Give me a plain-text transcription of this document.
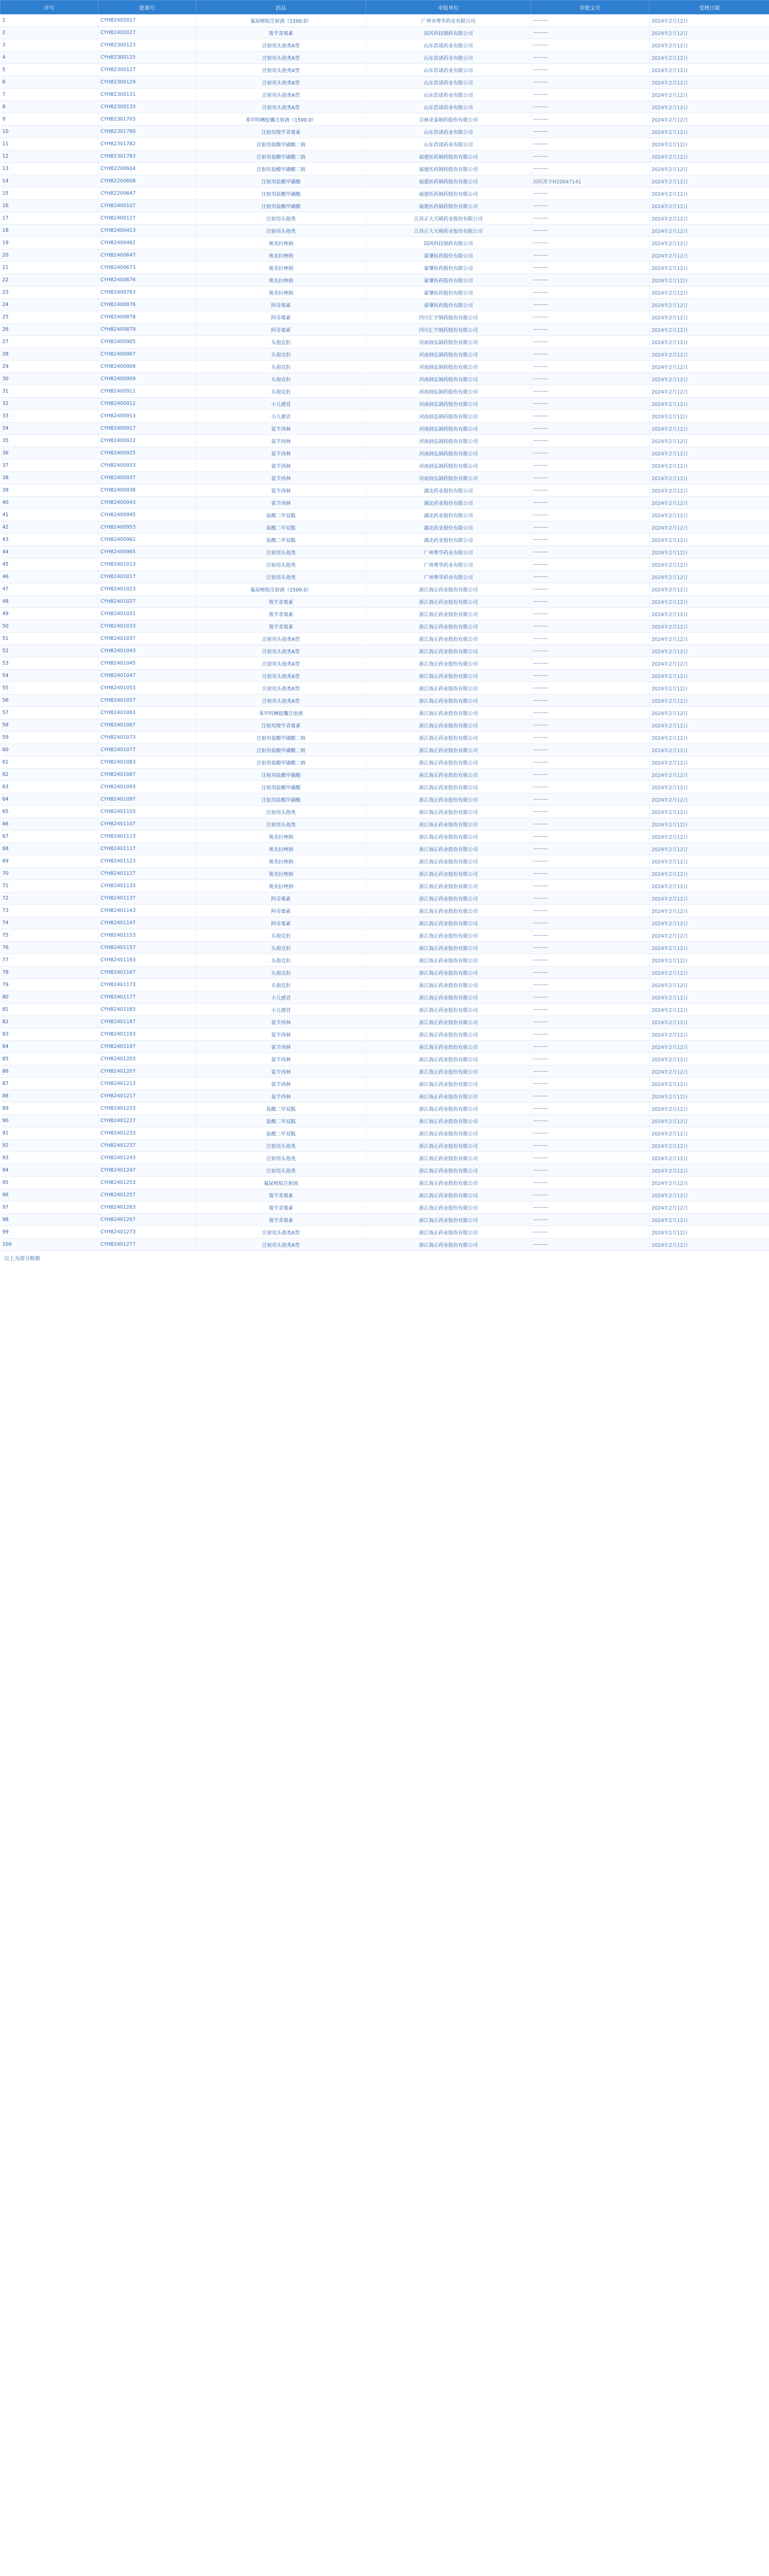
序号	批准号	药品	申报单位	审批文号	受理日期
1	CYHB2402017	氟尿嘧啶注射液（1500.0）	广州市粤华药业有限公司	———	2024年2月12日
2	CYHB2402027	羧苄青霉素	国风科技制药有限公司	———	2024年2月12日
3	CYHB2300123	注射用头孢类A型	山东浩诺药业有限公司	———	2024年2月12日
4	CYHB2300125	注射用头孢类A型	山东浩诺药业有限公司	———	2024年2月12日
5	CYHB2300127	注射用头孢类A型	山东浩诺药业有限公司	———	2024年2月12日
6	CYHB2300129	注射用头孢类A型	山东浩诺药业有限公司	———	2024年2月12日
7	CYHB2300131	注射用头孢类A型	山东浩诺药业有限公司	———	2024年2月12日
8	CYHB2300133	注射用头孢类A型	山东浩诺药业有限公司	———	2024年2月12日
9	CYHB2301703	苯甲吗啉胶囊注射液（1500.0）	吉林亚泰制药股份有限公司	———	2024年2月12日
10	CYHB2301780	注射用羧苄青霉素	山东浩诺药业有限公司	———	2024年2月12日
11	CYHB2301782	注射用盐酸甲磺酸二钠	山东浩诺药业有限公司	———	2024年2月12日
12	CYHB2301783	注射用盐酸甲磺酸二钠	福建医药制药股份有限公司	———	2024年2月12日
13	CYHB2200604	注射用盐酸甲磺酸二钠	福建医药制药股份有限公司	———	2024年2月12日
14	CYHB2200608	注射用盐酸甲磺酸	福建医药制药股份有限公司	国药准字H20047141	2024年2月12日
15	CYHB2200647	注射用盐酸甲磺酸	福建医药制药股份有限公司	———	2024年2月12日
16	CYHB2400107	注射用盐酸甲磺酸	福建医药制药股份有限公司	———	2024年2月12日
17	CYHB2400127	注射用头孢类	江苏正大天晴药业股份有限公司	———	2024年2月12日
18	CYHB2400413	注射用头孢类	江苏正大天晴药业股份有限公司	———	2024年2月12日
19	CYHB2400462	奥美拉唑钠	国风科技制药有限公司	———	2024年2月12日
20	CYHB2400647	奥美拉唑钠	蒙肇医药股份有限公司	———	2024年2月12日
21	CYHB2400673	奥美拉唑钠	蒙肇医药股份有限公司	———	2024年2月12日
22	CYHB2400676	奥美拉唑钠	蒙肇医药股份有限公司	———	2024年2月12日
23	CYHB2400763	奥美拉唑钠	蒙肇医药股份有限公司	———	2024年2月12日
24	CYHB2400876	阿奇霉素	蒙肇医药股份有限公司	———	2024年2月12日
25	CYHB2400878	阿奇霉素	四川汇宇制药股份有限公司	———	2024年2月12日
26	CYHB2400879	阿奇霉素	四川汇宇制药股份有限公司	———	2024年2月12日
27	CYHB2400905	头孢克肟	河南润弘制药股份有限公司	———	2024年2月12日
28	CYHB2400907	头孢克肟	河南润弘制药股份有限公司	———	2024年2月12日
29	CYHB2400908	头孢克肟	河南润弘制药股份有限公司	———	2024年2月12日
30	CYHB2400909	头孢克肟	河南润弘制药股份有限公司	———	2024年2月12日
31	CYHB2400911	头孢克肟	河南润弘制药股份有限公司	———	2024年2月12日
32	CYHB2400912	小儿感冒	河南润弘制药股份有限公司	———	2024年2月12日
33	CYHB2400913	小儿感冒	河南润弘制药股份有限公司	———	2024年2月12日
34	CYHB2400917	氨苄西林	河南润弘制药股份有限公司	———	2024年2月12日
35	CYHB2400922	氨苄西林	河南润弘制药股份有限公司	———	2024年2月12日
36	CYHB2400925	氨苄西林	河南润弘制药股份有限公司	———	2024年2月12日
37	CYHB2400933	氨苄西林	河南润弘制药股份有限公司	———	2024年2月12日
38	CYHB2400937	氨苄西林	河南润弘制药股份有限公司	———	2024年2月12日
39	CYHB2400938	氨苄西林	湖北药业股份有限公司	———	2024年2月12日
40	CYHB2400943	氨苄西林	湖北药业股份有限公司	———	2024年2月12日
41	CYHB2400945	盐酸二甲双胍	湖北药业股份有限公司	———	2024年2月12日
42	CYHB2400953	盐酸二甲双胍	湖北药业股份有限公司	———	2024年2月12日
43	CYHB2400962	盐酸二甲双胍	湖北药业股份有限公司	———	2024年2月12日
44	CYHB2400965	注射用头孢类	广州粤华药业有限公司	———	2024年2月12日
45	CYHB2401013	注射用头孢类	广州粤华药业有限公司	———	2024年2月12日
46	CYHB2401017	注射用头孢类	广州粤华药业有限公司	———	2024年2月12日
47	CYHB2401023	氟尿嘧啶注射液（1500.0）	浙江海正药业股份有限公司	———	2024年2月12日
48	CYHB2401027	羧苄青霉素	浙江海正药业股份有限公司	———	2024年2月12日
49	CYHB2401031	羧苄青霉素	浙江海正药业股份有限公司	———	2024年2月12日
50	CYHB2401033	羧苄青霉素	浙江海正药业股份有限公司	———	2024年2月12日
51	CYHB2401037	注射用头孢类A型	浙江海正药业股份有限公司	———	2024年2月12日
52	CYHB2401043	注射用头孢类A型	浙江海正药业股份有限公司	———	2024年2月12日
53	CYHB2401045	注射用头孢类A型	浙江海正药业股份有限公司	———	2024年2月12日
54	CYHB2401047	注射用头孢类A型	浙江海正药业股份有限公司	———	2024年2月12日
55	CYHB2401053	注射用头孢类A型	浙江海正药业股份有限公司	———	2024年2月12日
56	CYHB2401057	注射用头孢类A型	浙江海正药业股份有限公司	———	2024年2月12日
57	CYHB2401063	苯甲吗啉胶囊注射液	浙江海正药业股份有限公司	———	2024年2月12日
58	CYHB2401067	注射用羧苄青霉素	浙江海正药业股份有限公司	———	2024年2月12日
59	CYHB2401073	注射用盐酸甲磺酸二钠	浙江海正药业股份有限公司	———	2024年2月12日
60	CYHB2401077	注射用盐酸甲磺酸二钠	浙江海正药业股份有限公司	———	2024年2月12日
61	CYHB2401083	注射用盐酸甲磺酸二钠	浙江海正药业股份有限公司	———	2024年2月12日
62	CYHB2401087	注射用盐酸甲磺酸	浙江海正药业股份有限公司	———	2024年2月12日
63	CYHB2401093	注射用盐酸甲磺酸	浙江海正药业股份有限公司	———	2024年2月12日
64	CYHB2401097	注射用盐酸甲磺酸	浙江海正药业股份有限公司	———	2024年2月12日
65	CYHB2401103	注射用头孢类	浙江海正药业股份有限公司	———	2024年2月12日
66	CYHB2401107	注射用头孢类	浙江海正药业股份有限公司	———	2024年2月12日
67	CYHB2401113	奥美拉唑钠	浙江海正药业股份有限公司	———	2024年2月12日
68	CYHB2401117	奥美拉唑钠	浙江海正药业股份有限公司	———	2024年2月12日
69	CYHB2401123	奥美拉唑钠	浙江海正药业股份有限公司	———	2024年2月12日
70	CYHB2401127	奥美拉唑钠	浙江海正药业股份有限公司	———	2024年2月12日
71	CYHB2401133	奥美拉唑钠	浙江海正药业股份有限公司	———	2024年2月12日
72	CYHB2401137	阿奇霉素	浙江海正药业股份有限公司	———	2024年2月12日
73	CYHB2401143	阿奇霉素	浙江海正药业股份有限公司	———	2024年2月12日
74	CYHB2401147	阿奇霉素	浙江海正药业股份有限公司	———	2024年2月12日
75	CYHB2401153	头孢克肟	浙江海正药业股份有限公司	———	2024年2月12日
76	CYHB2401157	头孢克肟	浙江海正药业股份有限公司	———	2024年2月12日
77	CYHB2401163	头孢克肟	浙江海正药业股份有限公司	———	2024年2月12日
78	CYHB2401167	头孢克肟	浙江海正药业股份有限公司	———	2024年2月12日
79	CYHB2401173	头孢克肟	浙江海正药业股份有限公司	———	2024年2月12日
80	CYHB2401177	小儿感冒	浙江海正药业股份有限公司	———	2024年2月12日
81	CYHB2401183	小儿感冒	浙江海正药业股份有限公司	———	2024年2月12日
82	CYHB2401187	氨苄西林	浙江海正药业股份有限公司	———	2024年2月12日
83	CYHB2401193	氨苄西林	浙江海正药业股份有限公司	———	2024年2月12日
84	CYHB2401197	氨苄西林	浙江海正药业股份有限公司	———	2024年2月12日
85	CYHB2401203	氨苄西林	浙江海正药业股份有限公司	———	2024年2月12日
86	CYHB2401207	氨苄西林	浙江海正药业股份有限公司	———	2024年2月12日
87	CYHB2401213	氨苄西林	浙江海正药业股份有限公司	———	2024年2月12日
88	CYHB2401217	氨苄西林	浙江海正药业股份有限公司	———	2024年2月12日
89	CYHB2401223	盐酸二甲双胍	浙江海正药业股份有限公司	———	2024年2月12日
90	CYHB2401227	盐酸二甲双胍	浙江海正药业股份有限公司	———	2024年2月12日
91	CYHB2401233	盐酸二甲双胍	浙江海正药业股份有限公司	———	2024年2月12日
92	CYHB2401237	注射用头孢类	浙江海正药业股份有限公司	———	2024年2月12日
93	CYHB2401243	注射用头孢类	浙江海正药业股份有限公司	———	2024年2月12日
94	CYHB2401247	注射用头孢类	浙江海正药业股份有限公司	———	2024年2月12日
95	CYHB2401253	氟尿嘧啶注射液	浙江海正药业股份有限公司	———	2024年2月12日
96	CYHB2401257	羧苄青霉素	浙江海正药业股份有限公司	———	2024年2月12日
97	CYHB2401263	羧苄青霉素	浙江海正药业股份有限公司	———	2024年2月12日
98	CYHB2401267	羧苄青霉素	浙江海正药业股份有限公司	———	2024年2月12日
99	CYHB2401273	注射用头孢类A型	浙江海正药业股份有限公司	———	2024年2月12日
100	CYHB2401277	注射用头孢类A型	浙江海正药业股份有限公司	———	2024年2月12日
以上为部分数据
